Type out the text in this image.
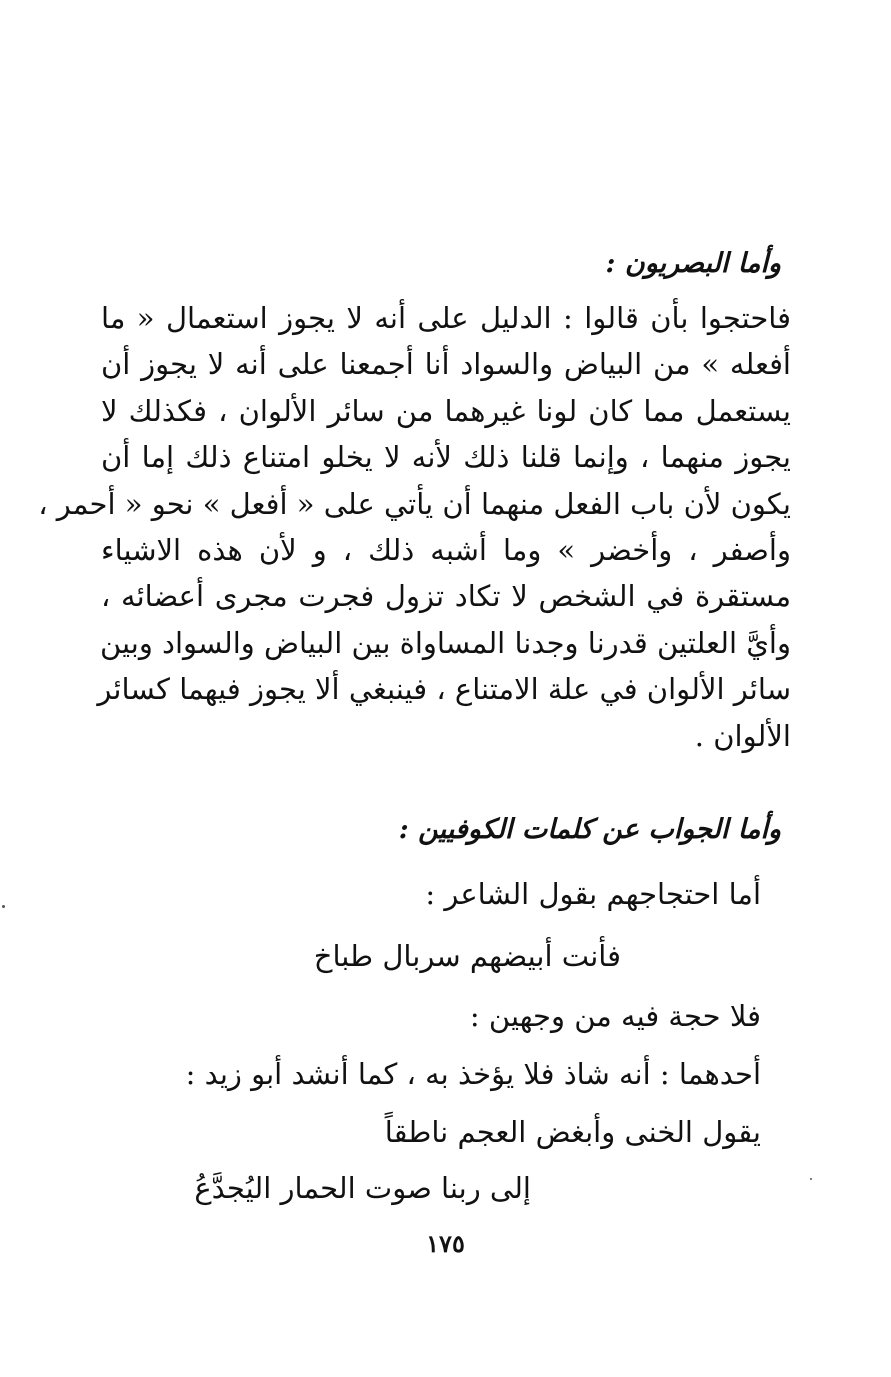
وأما البصريون :
فاحتجوا بأن قالوا : الدليل على أنه لا يجوز استعمال « ما
أفعله » من البياض والسواد أنا أجمعنا على أنه لا يجوز أن
يستعمل مما كان لونا غيرهما من سائر الألوان ، فكذلك لا
يجوز منهما ، وإنما قلنا ذلك لأنه لا يخلو امتناع ذلك إما أن
يكون لأن باب الفعل منهما أن يأتي على « أفعل » نحو « أحمر ،
وأصفر ، وأخضر » وما أشبه ذلك ، و لأن هذه الاشياء
مستقرة في الشخص لا تكاد تزول فجرت مجرى أعضائه ،
وأيَّ العلتين قدرنا وجدنا المساواة بين البياض والسواد وبين
سائر الألوان في علة الامتناع ، فينبغي ألا يجوز فيهما كسائر
الألوان .
وأما الجواب عن كلمات الكوفيين :
أما احتجاجهم بقول الشاعر :
فأنت أبيضهم سربال طباخ
فلا حجة فيه من وجهين :
أحدهما : أنه شاذ فلا يؤخذ به ، كما أنشد أبو زيد :
يقول الخنى وأبغض العجم ناطقاً
إلى ربنا صوت الحمار اليُجدَّعُ
١٧٥
